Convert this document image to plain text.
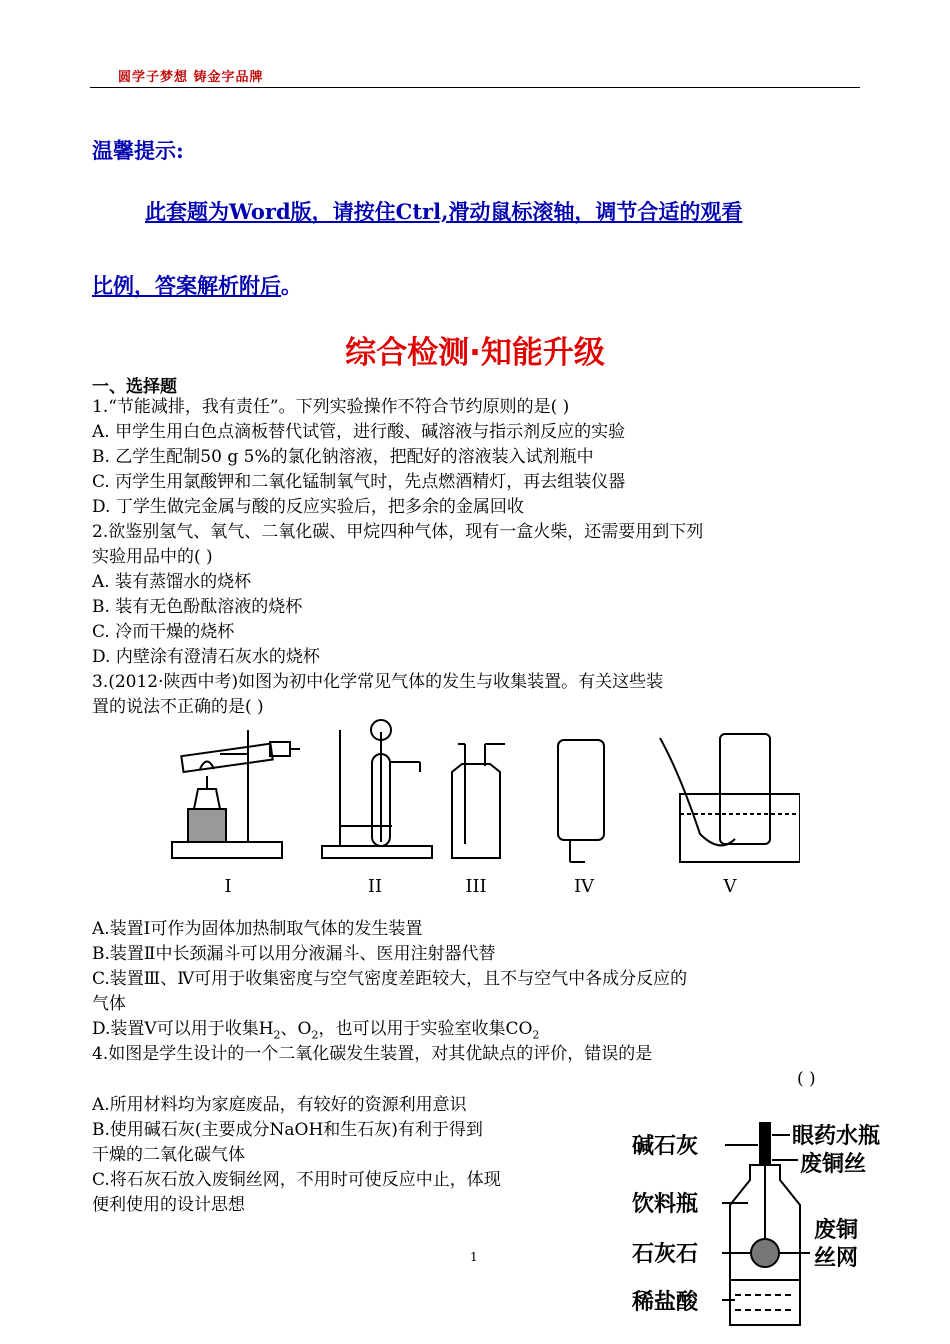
圆学子梦想 铸金字品牌
温馨提示:
此套题为Word版，请按住Ctrl,滑动鼠标滚轴，调节合适的观看
比例，答案解析附后。
综合检测·知能升级
一、选择题
1.“节能减排，我有责任”。下列实验操作不符合节约原则的是( )
A. 甲学生用白色点滴板替代试管，进行酸、碱溶液与指示剂反应的实验
B. 乙学生配制50 g 5%的氯化钠溶液，把配好的溶液装入试剂瓶中
C. 丙学生用氯酸钾和二氧化锰制氧气时，先点燃酒精灯，再去组装仪器
D. 丁学生做完金属与酸的反应实验后，把多余的金属回收
2.欲鉴别氢气、氧气、二氧化碳、甲烷四种气体，现有一盒火柴，还需要用到下列
实验用品中的( )
A. 装有蒸馏水的烧杯
B. 装有无色酚酞溶液的烧杯
C. 冷而干燥的烧杯
D. 内壁涂有澄清石灰水的烧杯
3.(2012·陕西中考)如图为初中化学常见气体的发生与收集装置。有关这些装
置的说法不正确的是( )
I	II	III	IV	V
A.装置Ⅰ可作为固体加热制取气体的发生装置
B.装置Ⅱ中长颈漏斗可以用分液漏斗、医用注射器代替
C.装置Ⅲ、Ⅳ可用于收集密度与空气密度差距较大，且不与空气中各成分反应的
气体
D.装置Ⅴ可以用于收集$H_2$、$O_2$，也可以用于实验室收集$CO_2$
4.如图是学生设计的一个二氧化碳发生装置，对其优缺点的评价，错误的是
( )
A.所用材料均为家庭废品，有较好的资源利用意识
B.使用碱石灰(主要成分NaOH和生石灰)有利于得到
干燥的二氧化碳气体
C.将石灰石放入废铜丝网，不用时可使反应中止，体现
便利使用的设计思想
碱石灰	眼药水瓶
废铜丝
饮料瓶
废铜
丝网
石灰石
稀盐酸
1
